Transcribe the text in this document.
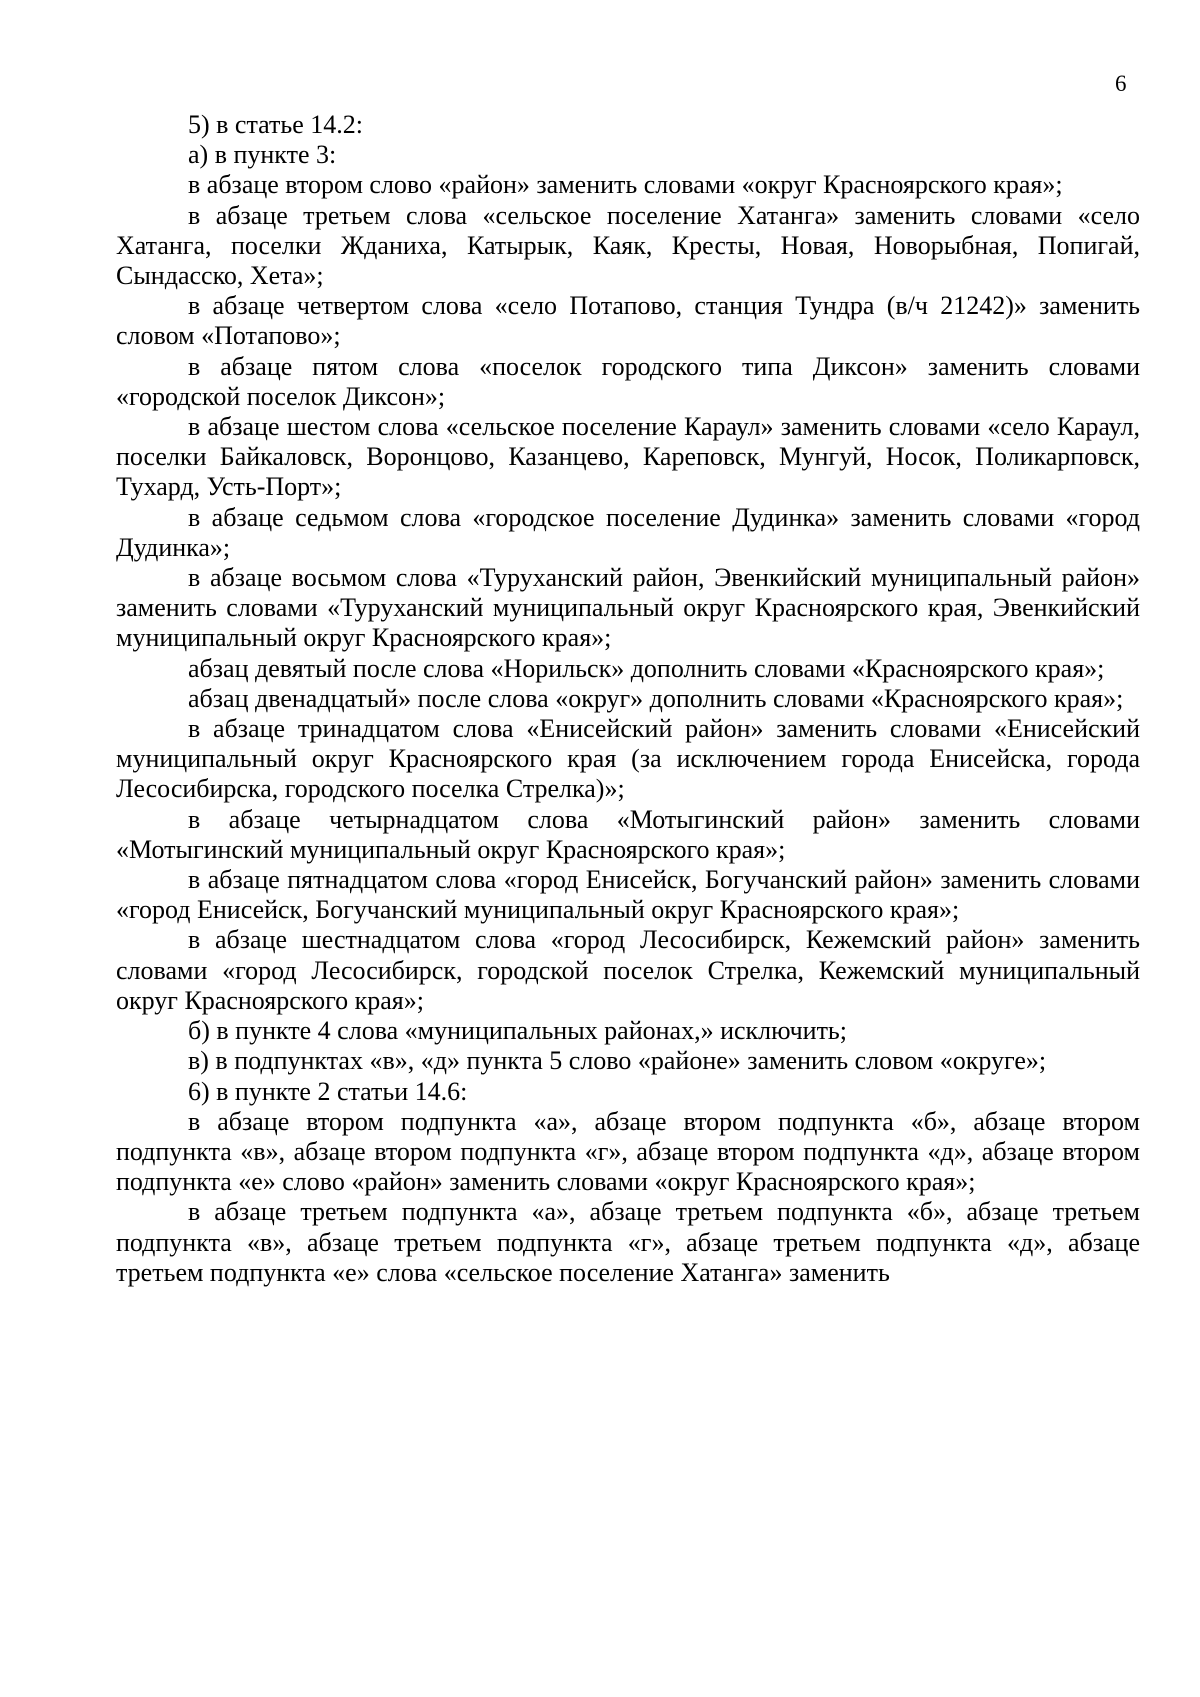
6

5) в статье 14.2:

а) в пункте 3:

в абзаце втором слово «район» заменить словами «округ Красноярского края»;

в абзаце третьем слова «сельское поселение Хатанга» заменить словами «село Хатанга, поселки Жданиха, Катырык, Каяк, Кресты, Новая, Новорыбная, Попигай, Сындасско, Хета»;

в абзаце четвертом слова «село Потапово, станция Тундра (в/ч 21242)» заменить словом «Потапово»;

в абзаце пятом слова «поселок городского типа Диксон» заменить словами «городской поселок Диксон»;

в абзаце шестом слова «сельское поселение Караул» заменить словами «село Караул, поселки Байкаловск, Воронцово, Казанцево, Кареповск, Мунгуй, Носок, Поликарповск, Тухард, Усть-Порт»;

в абзаце седьмом слова «городское поселение Дудинка» заменить словами «город Дудинка»;

в абзаце восьмом слова «Туруханский район, Эвенкийский муниципальный район» заменить словами «Туруханский муниципальный округ Красноярского края, Эвенкийский муниципальный округ Красноярского края»;

абзац девятый после слова «Норильск» дополнить словами «Красноярского края»;

абзац двенадцатый» после слова «округ» дополнить словами «Красноярского края»;

в абзаце тринадцатом слова «Енисейский район» заменить словами «Енисейский муниципальный округ Красноярского края (за исключением города Енисейска, города Лесосибирска, городского поселка Стрелка)»;

в абзаце четырнадцатом слова «Мотыгинский район» заменить словами «Мотыгинский муниципальный округ Красноярского края»;

в абзаце пятнадцатом слова «город Енисейск, Богучанский район» заменить словами «город Енисейск, Богучанский муниципальный округ Красноярского края»;

в абзаце шестнадцатом слова «город Лесосибирск, Кежемский район» заменить словами «город Лесосибирск, городской поселок Стрелка, Кежемский муниципальный округ Красноярского края»;

б) в пункте 4 слова «муниципальных районах,» исключить;

в) в подпунктах «в», «д» пункта 5 слово «районе» заменить словом «округе»;

6) в пункте 2 статьи 14.6:

в абзаце втором подпункта «а», абзаце втором подпункта «б», абзаце втором подпункта «в», абзаце втором подпункта «г», абзаце втором подпункта «д», абзаце втором подпункта «е» слово «район» заменить словами «округ Красноярского края»;

в абзаце третьем подпункта «а», абзаце третьем подпункта «б», абзаце третьем подпункта «в», абзаце третьем подпункта «г», абзаце третьем подпункта «д», абзаце третьем подпункта «е» слова «сельское поселение Хатанга» заменить
